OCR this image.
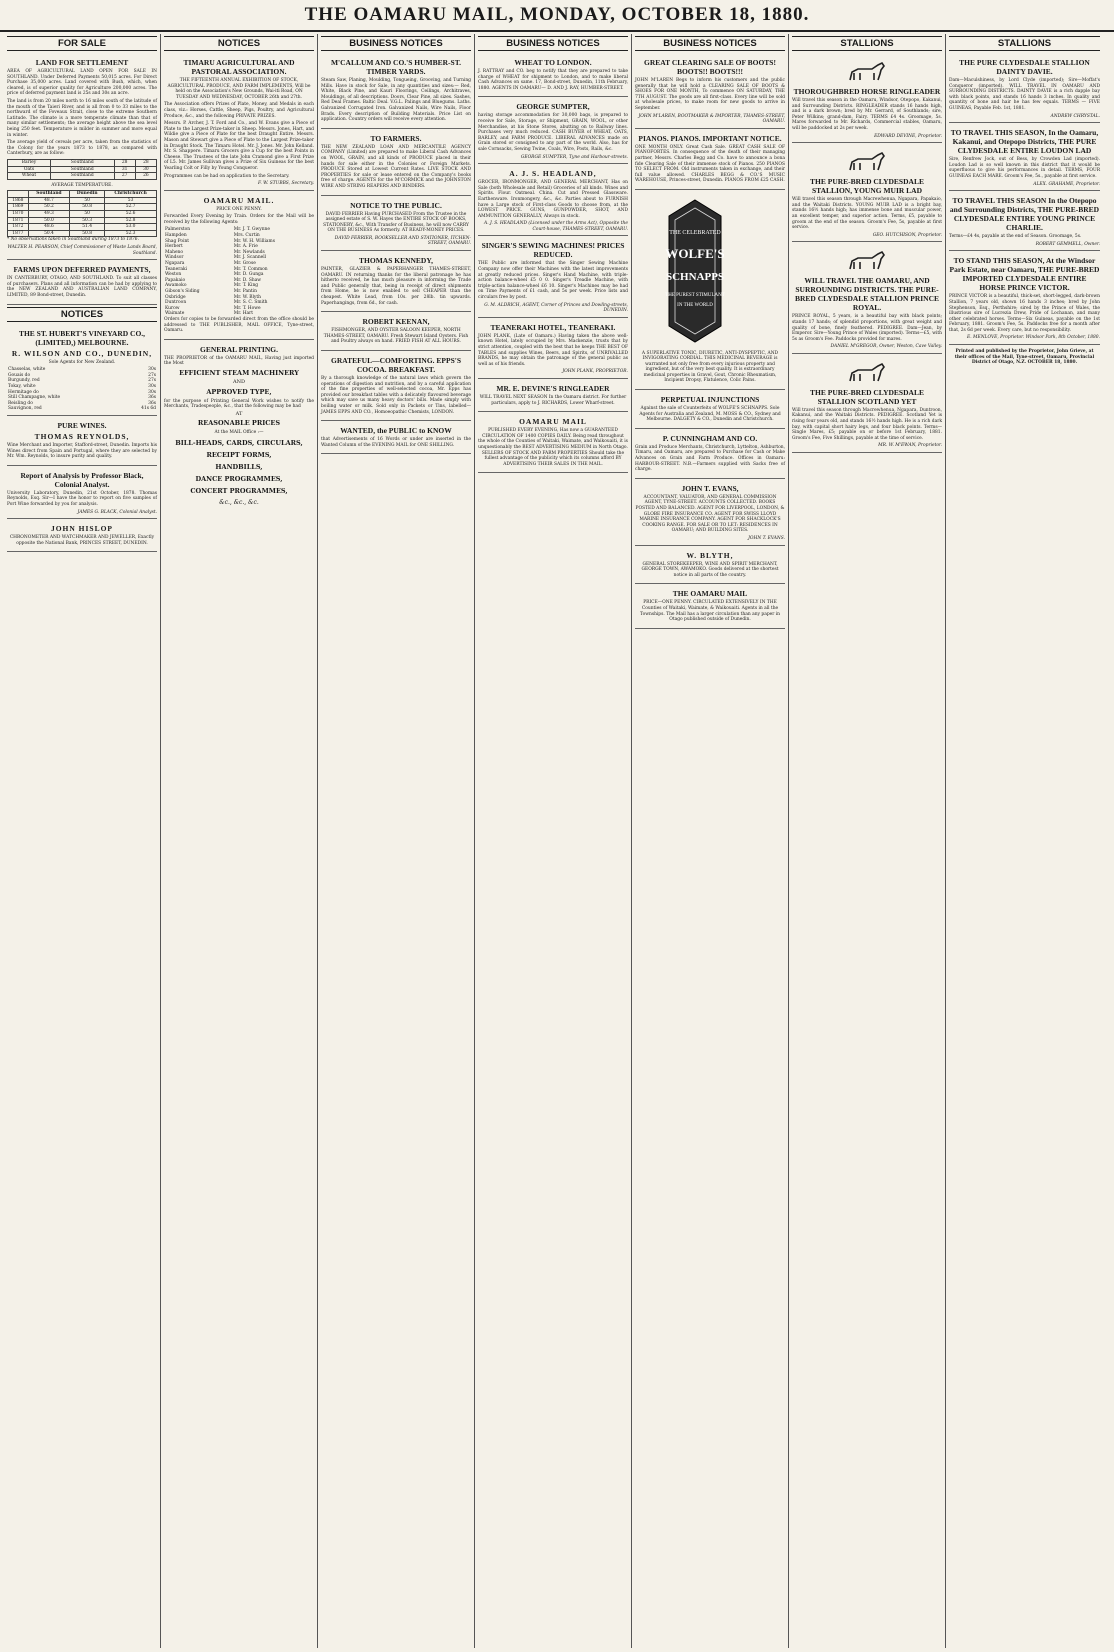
THE OAMARU MAIL, MONDAY, OCTOBER 18, 1880.
FOR SALE
LAND FOR SETTLEMENT

AREA OF AGRICULTURAL LAND OPEN FOR SALE IN SOUTHLAND. Under Deferred Payments 50,015 acres. For Direct Purchase 35,000 acres. Land covered with Bush, which, when cleared, is of superior quality for Agriculture 200,000 acres. The price of deferred payment land is 25s and 30s an acre.

The land is from 20 miles north to 16 miles south of the latitude of the mouth of the Taieri River, and is all from 0 to 33 miles to the northward of the Foveaux Strait, close to the extreme Southern Latitude. The climate is a more temperate climate than that of many similar settlements; the average height above the sea level being 250 feet. Temperature is milder in summer and more equal in winter.

The average yield of cereals per acre, taken from the statistics of the Colony for the years 1873 to 1878, as compared with Canterbury, are as follow:

Barley	Southland	28	28
Oats	Southland	31	30
Wheat	Southland	27	26

AVERAGE TEMPERATURE.

	Southland	Dunedin	Christchurch
1868	48.7	50	53
1869	50.2	50.8	52.7
1870	49.3	50	52.6
1871	50.0	50.3	52.8
1872	48.6	51.4	53.0
1877	50.4	50.8	52.3

* No observations taken in Southland during 1873 to 1876.

WALTER H. PEARSON, Chief Commissioner of Waste Lands Board, Southland.

FARMS UPON DEFERRED PAYMENTS,

IN CANTERBURY, OTAGO, AND SOUTHLAND. To suit all classes of purchasers. Plans and all information can be had by applying to the NEW ZEALAND AND AUSTRALIAN LAND COMPANY, LIMITED, 89 Bond-street, Dunedin.

NOTICES
THE ST. HUBERT'S VINEYARD CO., (LIMITED,) MELBOURNE.
R. WILSON AND CO., DUNEDIN,

Sole Agents for New Zealand.

Chasselas, white	30s
Gouais do	27s
Burgundy, red	27s
Tokay, white	30s
Hermitage do	30s
Still Champagne, white	36s
Reisling do	36s
Sauvignon, red	41s 6d
PURE WINES.
THOMAS REYNOLDS,

Wine Merchant and Importer, Stafford-street, Dunedin. Imports his Wines direct from Spain and Portugal, where they are selected by Mr. Wm. Reynolds, to insure purity and quality.

Report of Analysis by Professor Black, Colonial Analyst.

University Laboratory, Dunedin, 21st October, 1878. Thomas Reynolds, Esq. Sir—I have the honor to report on five samples of Port Wine forwarded by you for analysis.

JAMES G. BLACK, Colonial Analyst.

JOHN HISLOP

CHRONOMETER AND WATCHMAKER AND JEWELLER, Exactly opposite the National Bank, PRINCES STREET, DUNEDIN.

NOTICES
TIMARU AGRICULTURAL AND PASTORAL ASSOCIATION.

THE FIFTEENTH ANNUAL EXHIBITION OF STOCK, AGRICULTURAL PRODUCE, AND FARM IMPLEMENTS, Will be held on the Association's New Grounds, Wai-iti Road, ON TUESDAY AND WEDNESDAY, OCTOBER 26th and 27th.

The Association offers Prizes of Plate, Money, and Medals in each class, viz.: Horses, Cattle, Sheep, Pigs, Poultry, and Agricultural Produce, &c., and the following PRIVATE PRIZES.

Messrs. P. Archer, J. T. Ford and Co., and W. Evans give a Piece of Plate to the Largest Prize-taker in Sheep. Messrs. Jones, Hart, and Wildie give a Piece of Plate for the best Draught Entire. Messrs. Mason and Stewart give a Piece of Plate to the Largest Prize-taker in Draught Stock. The Timaru Hotel. Mr. J. Jones. Mr. John Kelland. Mr. S. Shappere. Timaru Grocers give a Cup for the best Points in Cheese. The Trustees of the late John Cramond give a First Prize of L5. Mr. James Sullivan gives a Prize of Six Guineas for the best Yearling Colt or Filly by Young Conqueror.

Programmes can be had on application to the Secretary.

F. W. STUBBS, Secretary.

OAMARU MAIL.

PRICE ONE PENNY.

Forwarded Every Evening by Train. Orders for the Mail will be received by the following Agents:

Palmerston	Mr. J. T. Gwynne
Hampden	Mrs. Curtin
Shag Point	Mr. W. H. Williams
Herbert	Mr. A. Frie
Maheno	Mr. Newlands
Windsor	Mr. J. Scannell
Ngapara	Mr. Grose
Teaneraki	Mr. T. Common
Weston	Mr. D. Gunga
Papakaio	Mr. D. Shaw
Awamoko	Mr. T. King
Gibson's Siding	Mr. Pantin
Oxbridge	Mr. W. Blyth
Duntroon	Mr. S. C. Smith
Kurow	Mr. T. Howe
Waimate	Mr. Hart

Orders for copies to be forwarded direct from the office should be addressed to THE PUBLISHER, MAIL OFFICE, Tyne-street, Oamaru.

GENERAL PRINTING.

THE PROPRIETOR of the OAMARU MAIL, Having just imported the Most

EFFICIENT STEAM MACHINERY

AND

APPROVED TYPE,

for the purpose of Printing General Work wishes to notify the Merchants, Tradespeople, &c., that the following may be had

AT

REASONABLE PRICES

At the MAIL Office :—

BILL-HEADS, CARDS, CIRCULARS,

RECEIPT FORMS,

HANDBILLS,

DANCE PROGRAMMES,

CONCERT PROGRAMMES,

&c., &c., &c.

BUSINESS NOTICES
M'CALLUM AND CO.'S HUMBER-ST. TIMBER YARDS.

Steam Saw, Planing, Moulding, Tongueing, Grooving, and Turning Mills. Have in stock for Sale, in any quantities and sizes:— Red, White, Black Pine, and Kauri Floorings, Ceilings, Architraves, Mouldings, of all descriptions. Doors, Clear Pine, all sizes. Sashes, Red Deal Frames. Baltic Deal. V.G.L. Palings and Bluegums. Laths. Galvanized Corrugated Iron. Galvanized Nails, Wire Nails, Floor Brads. Every description of Building Materials. Price List on application. Country orders will receive every attention.

TO FARMERS.

THE NEW ZEALAND LOAN AND MERCANTILE AGENCY COMPANY (Limited) are prepared to make Liberal Cash Advances on WOOL, GRAIN, and all kinds of PRODUCE placed in their hands for sale either in the Colonies or Foreign Markets. PRODUCE Stored at Lowest Current Rates. LIVE STOCK AND PROPERTIES for sale or lease entered on the Company's books free of charge. AGENTS for the M'CORMICK and the JOHNSTON WIRE AND STRING REAPERS AND BINDERS.

NOTICE TO THE PUBLIC.

DAVID FERRIER Having PURCHASED From the Trustee in the assigned estate of S. W. Hayes the ENTIRE STOCK OF BOOKS, STATIONERY, &c., With Transfer of Business, he will now CARRY ON THE BUSINESS As formerly. AT READY-MONEY PRICES.

DAVID FERRIER, BOOKSELLER AND STATIONER, ITCHEN-STREET, OAMARU.

THOMAS KENNEDY,

PAINTER, GLAZIER & PAPERHANGER THAMES-STREET, OAMARU. IN returning thanks for the liberal patronage he has hitherto received, he has much pleasure in informing the Trade and Public generally that, being in receipt of direct shipments from Home, he is now enabled to sell CHEAPER than the cheapest. White Lead, from 10s. per 28lb. tin upwards. Paperhangings, from 6d., for cash.

ROBERT KEENAN,

FISHMONGER, AND OYSTER SALOON KEEPER, NORTH THAMES-STREET, OAMARU. Fresh Stewart Island Oysters. Fish and Poultry always on hand. FRIED FISH AT ALL HOURS.

GRATEFUL—COMFORTING. EPPS'S COCOA. BREAKFAST.

By a thorough knowledge of the natural laws which govern the operations of digestion and nutrition, and by a careful application of the fine properties of well-selected cocoa, Mr. Epps has provided our breakfast tables with a delicately flavoured beverage which may save us many heavy doctors' bills. Made simply with boiling water or milk. Sold only in Packets or Tins, labelled— JAMES EPPS AND CO., Homoeopathic Chemists, LONDON.

WANTED, the PUBLIC to KNOW

that Advertisements of 16 Words or under are inserted in the Wanted Column of the EVENING MAIL for ONE SHILLING.

BUSINESS NOTICES
WHEAT TO LONDON.

J. RATTRAY and CO. beg to notify that they are prepared to take charge of WHEAT for shipment to London, and to make liberal Cash Advances on same. 17, Bond-street, Dunedin, 11th February, 1880. AGENTS IN OAMARU— D. AND J. RAY, HUMBER-STREET.

GEORGE SUMPTER,

having storage accommodation for 30,000 bags, is prepared to receive for Sale, Storage, or Shipment, GRAIN, WOOL, or other Merchandise, at his Stone Stores, abutting on to Railway lines. Purchases very much reduced. CASH BUYER of WHEAT, OATS, BARLEY, and FARM PRODUCE. LIBERAL ADVANCES made on Grain stored or consigned to any part of the world. Also, has for sale Cornsacks, Sewing Twine, Coals, Wire, Posts, Rails, &c.

GEORGE SUMPTER, Tyne and Harbour-streets.

A. J. S. HEADLAND,

GROCER, IRONMONGER, AND GENERAL MERCHANT, Has on Sale (both Wholesale and Retail) Groceries of all kinds. Wines and Spirits. Flour. Oatmeal. China. Cut and Pressed Glassware. Earthenware. Ironmongery, &c., &c. Parties about to FURNISH have a Large stock of First-class Goods to choose from, at the LOWEST PRICE. GUNS, GUNPOWDER, SHOT, AND AMMUNITION GENERALLY, Always in stock.

A. J. S. HEADLAND (Licensed under the Arms Act), Opposite the Court-house, THAMES-STREET, OAMARU.

SINGER'S SEWING MACHINES! PRICES REDUCED.

THE Public are informed that the Singer Sewing Machine Company now offer their Machines with the latest improvements at greatly reduced prices. Singer's Hand Machine, with triple-action balance-wheel £5 0 0. Singer's Treadle Machine, with triple-action balance-wheel £6 10. Singer's Machines may be had on Time Payments of £1 cash, and 5s per week. Price lists and circulars free by post.

G. M. ALDRICH, AGENT, Corner of Princes and Dowling-streets, DUNEDIN.

TEANERAKI HOTEL, TEANERAKI.

JOHN PLANK, (Late of Oamaru.) Having taken the above well-known Hotel, lately occupied by Mrs. Mackenzie, trusts that by strict attention, coupled with the best that he keeps THE BEST OF TABLES and supplies Wines, Beers, and Spirits, of UNRIVALLED BRANDS, he may obtain the patronage of the general public as well as of his friends.

JOHN PLANK, PROPRIETOR.

MR. E. DEVINE'S RINGLEADER

WILL TRAVEL NEXT SEASON In the Oamaru district. For further particulars, apply to J. RICHARDS, Lower Wharf-street.

OAMARU MAIL

PUBLISHED EVERY EVENING, Has now a GUARANTEED CIRCULATION OF 1400 COPIES DAILY. Being read throughout the whole of the Counties of Waitaki, Waimate, and Waikouaiti, it is unquestionably the BEST ADVERTISING MEDIUM in North Otago. SELLERS OF STOCK AND FARM PROPERTIES Should take the fullest advantage of the publicity which its columns afford BY ADVERTISING THEIR SALES IN THE MAIL.

BUSINESS NOTICES
GREAT CLEARING SALE OF BOOTS! BOOTS!! BOOTS!!!

JOHN M'LAREN Begs to inform his customers and the public generally that he will hold a CLEARING SALE OF BOOTS & SHOES FOR ONE MONTH, To commence ON SATURDAY, THE 7TH AUGUST. The goods are all first-class. Every line will be sold at wholesale prices, to make room for new goods to arrive in September.

JOHN M'LAREN, BOOTMAKER & IMPORTER, THAMES-STREET, OAMARU.

PIANOS. PIANOS. IMPORTANT NOTICE.

ONE MONTH ONLY. Great Cash Sale. GREAT CASH SALE OF PIANOFORTES. In consequence of the death of their managing partner, Messrs. Charles Begg and Co. have to announce a bona fide Clearing Sale of their immense stock of Pianos. 250 PIANOS TO SELECT FROM. Old instruments taken in exchange, and their full value allowed. CHARLES BEGG & CO.'S MUSIC WAREHOUSE, Princes-street, Dunedin. PIANOS FROM £25 CASH.

THE CELEBRATED
WOLFE'S
SCHNAPPS
THE PUREST STIMULANT
IN THE WORLD

A SUPERLATIVE TONIC, DIURETIC, ANTI-DYSPEPTIC, AND INVIGORATING CORDIAL. THIS MEDICINAL BEVERAGE is warranted not only free from every injurious property and ingredient, but of the very best quality. It is extraordinary medicinal properties in Gravel, Gout, Chronic Rheumatism, Incipient Dropsy, Flatulence, Colic Pains.

PERPETUAL INJUNCTIONS

Against the sale of Counterfeits of WOLFE'S SCHNAPPS. Sole Agents for Australia and Zealand, M. MOSS & CO., Sydney and Melbourne. DALGETY & CO., Dunedin and Christchurch.

P. CUNNINGHAM AND CO.

Grain and Produce Merchants, Christchurch, Lyttelton, Ashburton, Timaru, and Oamaru, are prepared to Purchase for Cash or Make Advances on Grain and Farm Produce. Offices in Oamaru: HARBOUR-STREET. N.B.—Farmers supplied with Sacks free of charge.

JOHN T. EVANS,

ACCOUNTANT, VALUATOR, AND GENERAL COMMISSION AGENT, TYNE-STREET. ACCOUNTS COLLECTED. BOOKS POSTED AND BALANCED. AGENT FOR LIVERPOOL, LONDON, & GLOBE FIRE INSURANCE CO. AGENT FOR SWISS LLOYD MARINE INSURANCE COMPANY. AGENT FOR SHACKLOCK'S COOKING RANGE. FOR SALE OR TO LET: RESIDENCES IN OAMARU; AND BUILDING SITES.

JOHN T. EVANS.

W. BLYTH,

GENERAL STOREKEEPER, WINE AND SPIRIT MERCHANT, GEORGE TOWN, AWAMOKO. Goods delivered at the shortest notice in all parts of the country.

THE OAMARU MAIL

PRICE—ONE PENNY. CIRCULATED EXTENSIVELY IN THE Counties of Waitaki, Waimate, & Waikouaiti. Agents in all the Townships. The Mail has a larger circulation than any paper in Otago published outside of Dunedin.

STALLIONS
THOROUGHBRED HORSE RINGLEADER

Will travel this season in the Oamaru, Windsor, Otepopo, Kakanui, and Surrounding Districts. RINGLEADER stands 16 hands high, and is a dark brown; bred by Mr. Gerrard, of Southlands; sire, Peter Wilkins; grand-dam, Fairy. TERMS £4 4s. Groomage, 5s. Mares forwarded to Mr. Richards, Commercial stables, Oamaru, will be paddocked at 2s per week.

EDWARD DEVINE, Proprietor.

THE PURE-BRED CLYDESDALE STALLION, YOUNG MUIR LAD

Will travel this season through Macrewhenua, Ngapara, Papakaio, and the Waitaki Districts. YOUNG MUIR LAD is a bright bay, stands 16½ hands high; has immense bone and muscular power, an excellent temper, and superior action. Terms, £5, payable to groom at the end of the season. Groom's Fee, 5s, payable at first service.

GEO. HUTCHISON, Proprietor.

WILL TRAVEL THE OAMARU, AND SURROUNDING DISTRICTS. THE PURE-BRED CLYDESDALE STALLION PRINCE ROYAL.

PRINCE ROYAL, 5 years, is a beautiful bay with black points; stands 17 hands; of splendid proportions, with great weight and quality of bone, finely feathered. PEDIGREE. Dam—Jean, by Emperor. Sire—Young Prince of Wales (imported). Terms—£5, with 5s as Groom's Fee. Paddocks provided for mares.

DANIEL M'GREGOR, Owner, Weston, Cave Valley.

THE PURE-BRED CLYDESDALE STALLION SCOTLAND YET

Will travel this season through Macrewhenua, Ngapara, Duntroon, Kakanui, and the Waitaki Districts. PEDIGREE. Scotland Yet is rising four years old, and stands 16½ hands high. He is a rich dark bay, with capital short hairy legs, and four black points. Terms—Single Mares, £5; payable on or before 1st February, 1881. Groom's Fee, Five Shillings, payable at the time of service.

MR. W. M'EWAN, Proprietor.

STALLIONS
THE PURE CLYDESDALE STALLION DAINTY DAVIE.

Dam—Maculshiness, by Lord Clyde (imported); Sire—Moffat's Conqueror (imported). WILL TRAVEL IN OAMARU AND SURROUNDING DISTRICTS. DAINTY DAVIE is a rich dapple bay with black points, and stands 16 hands 3 inches. In quality and quantity of bone and hair he has few equals. TERMS — FIVE GUINEAS, Payable Feb. 1st, 1881.

ANDREW CHRYSTAL.

TO TRAVEL THIS SEASON, In the Oamaru, Kakanui, and Otepopo Districts, THE PURE CLYDESDALE ENTIRE LOUDON LAD

Sire, Renfrew Jock, out of Bess, by Crowden Lad (imported). Loudon Lad is so well known in this district that it would be superfluous to give his performances in detail. TERMS, FOUR GUINEAS EACH MARE. Groom's Fee, 5s., payable at first service.

ALEX. GRAHAME, Proprietor.

TO TRAVEL THIS SEASON In the Otepopo and Surrounding Districts, THE PURE-BRED CLYDESDALE ENTIRE YOUNG PRINCE CHARLIE.

Terms—£4 4s, payable at the end of Season. Groomage, 5s.

ROBERT GEMMELL, Owner.

TO STAND THIS SEASON, At the Windsor Park Estate, near Oamaru, THE PURE-BRED IMPORTED CLYDESDALE ENTIRE HORSE PRINCE VICTOR.

PRINCE VICTOR is a beautiful, thick-set, short-legged, dark-brown Stallion, 7 years old, shown 16 hands 3 inches; bred by John Stephenson, Esq., Perthshire; sired by the Prince of Wales, the illustrious sire of Lucrezia Drew, Pride of Lochanan, and many other celebrated horses. Terms—Six Guineas, payable on the 1st February, 1881. Groom's Fee, 5s. Paddocks free for a month after that, 2s 6d per week. Every care, but no responsibility.

E. MENLOVE, Proprietor. Windsor Park, 8th October, 1880.

Printed and published by the Proprietor, John Grieve, at their offices of the Mail, Tyne-street, Oamaru, Provincial District of Otago, N.Z. OCTOBER 18, 1880.
